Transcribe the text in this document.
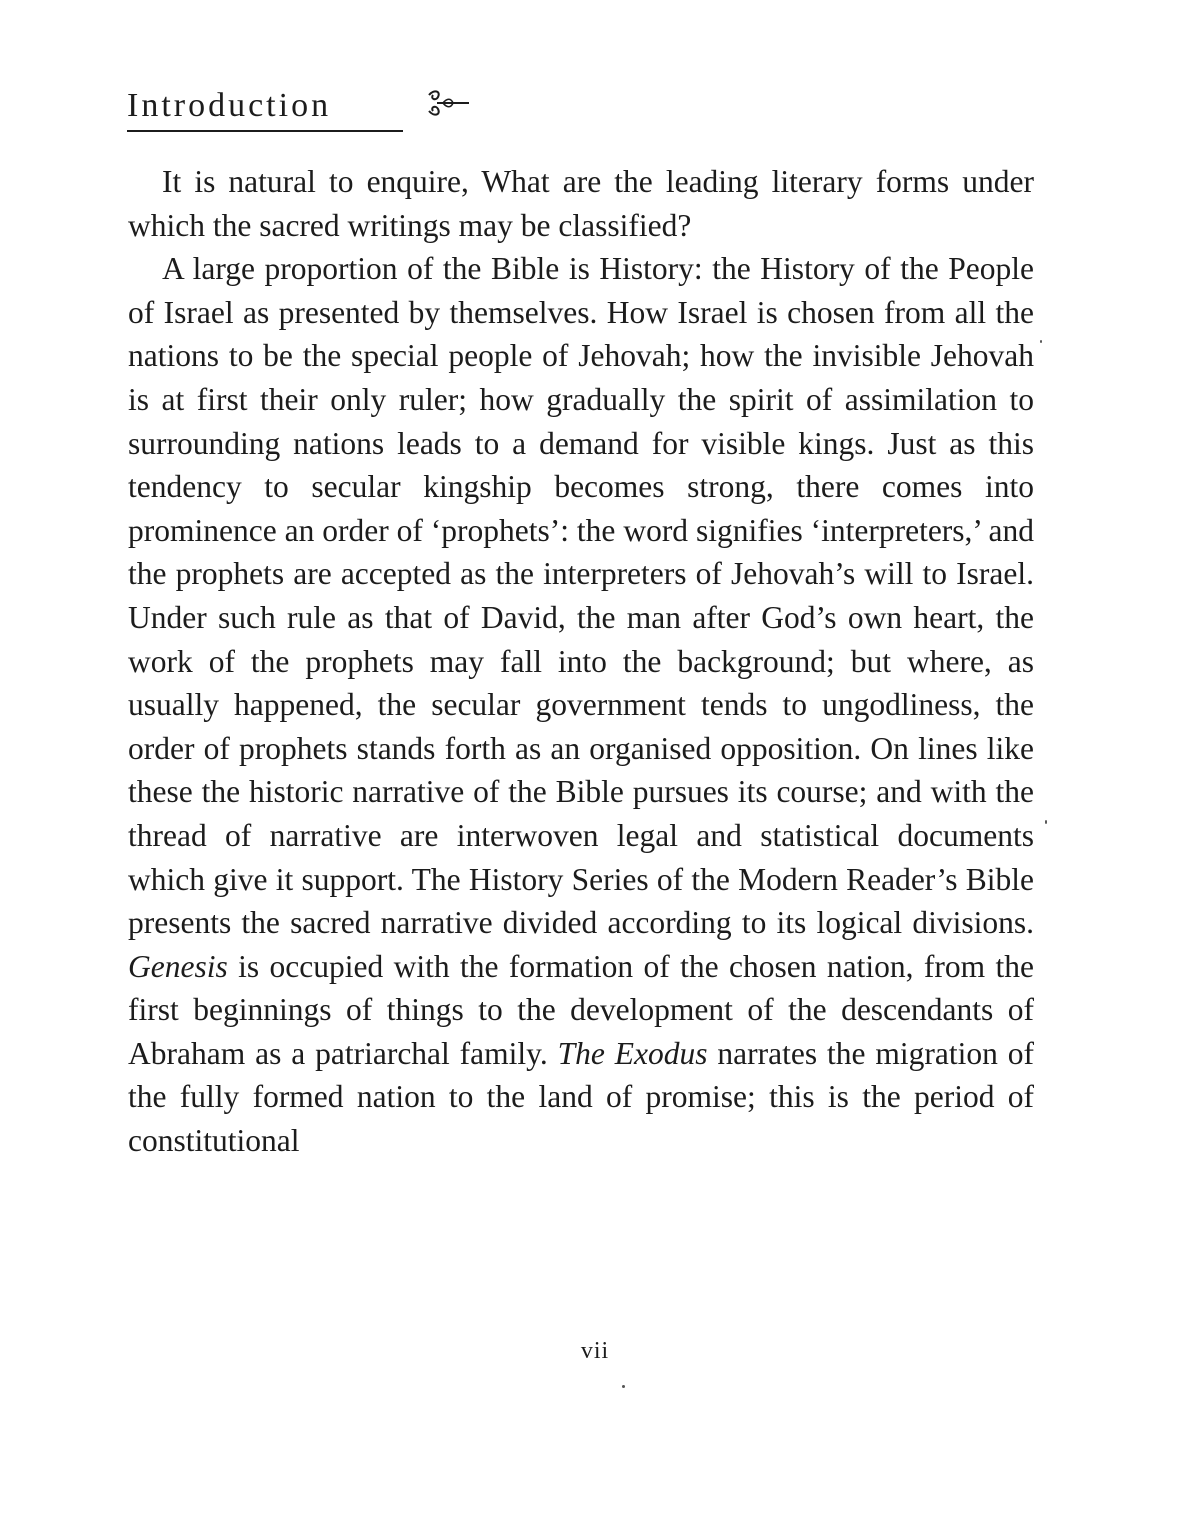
Introduction

It is natural to enquire, What are the leading literary forms under which the sacred writings may be classified?

A large proportion of the Bible is History: the History of the People of Israel as presented by themselves. How Israel is chosen from all the nations to be the special people of Jehovah; how the invisible Jehovah is at first their only ruler; how gradually the spirit of assimilation to surrounding nations leads to a demand for visible kings. Just as this tendency to secular kingship becomes strong, there comes into prominence an order of ‘prophets’: the word signifies ‘interpreters,’ and the prophets are accepted as the interpreters of Jehovah’s will to Israel. Under such rule as that of David, the man after God’s own heart, the work of the prophets may fall into the background; but where, as usually happened, the secular government tends to ungodliness, the order of prophets stands forth as an organised opposition. On lines like these the historic narrative of the Bible pursues its course; and with the thread of narrative are interwoven legal and statistical documents which give it support. The History Series of the Modern Reader’s Bible presents the sacred narrative divided according to its logical divisions. Genesis is occupied with the formation of the chosen nation, from the first beginnings of things to the development of the descendants of Abraham as a patriarchal family. The Exodus narrates the migration of the fully formed nation to the land of promise; this is the period of constitutional

vii
